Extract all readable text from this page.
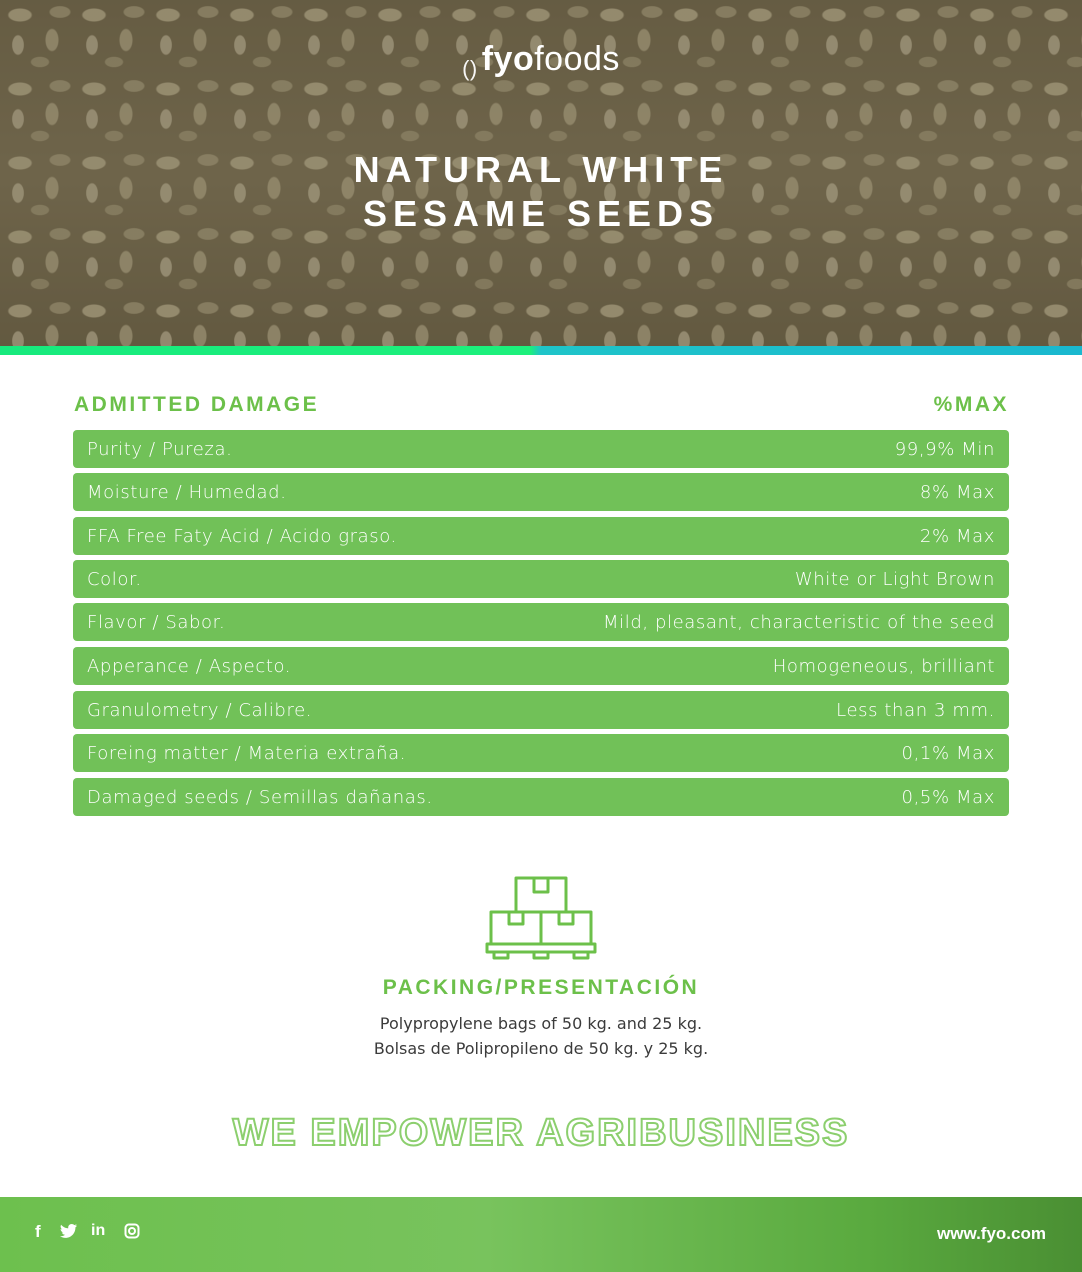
() fyofoods
NATURAL WHITE
SESAME SEEDS
ADMITTED DAMAGE	%MAX
Purity / Pureza.	99,9% Min
Moisture / Humedad.	8% Max
FFA Free Faty Acid / Acido graso.	2% Max
Color.	White or Light Brown
Flavor / Sabor.	Mild, pleasant, characteristic of the seed
Apperance / Aspecto.	Homogeneous, brilliant
Granulometry / Calibre.	Less than 3 mm.
Foreing matter / Materia extraña.	0,1% Max
Damaged seeds / Semillas dañanas.	0,5% Max
PACKING/PRESENTACIÓN
Polypropylene bags of 50 kg. and 25 kg.
Bolsas de Polipropileno de 50 kg. y 25 kg.
WE EMPOWER AGRIBUSINESS
f	in	www.fyo.com
